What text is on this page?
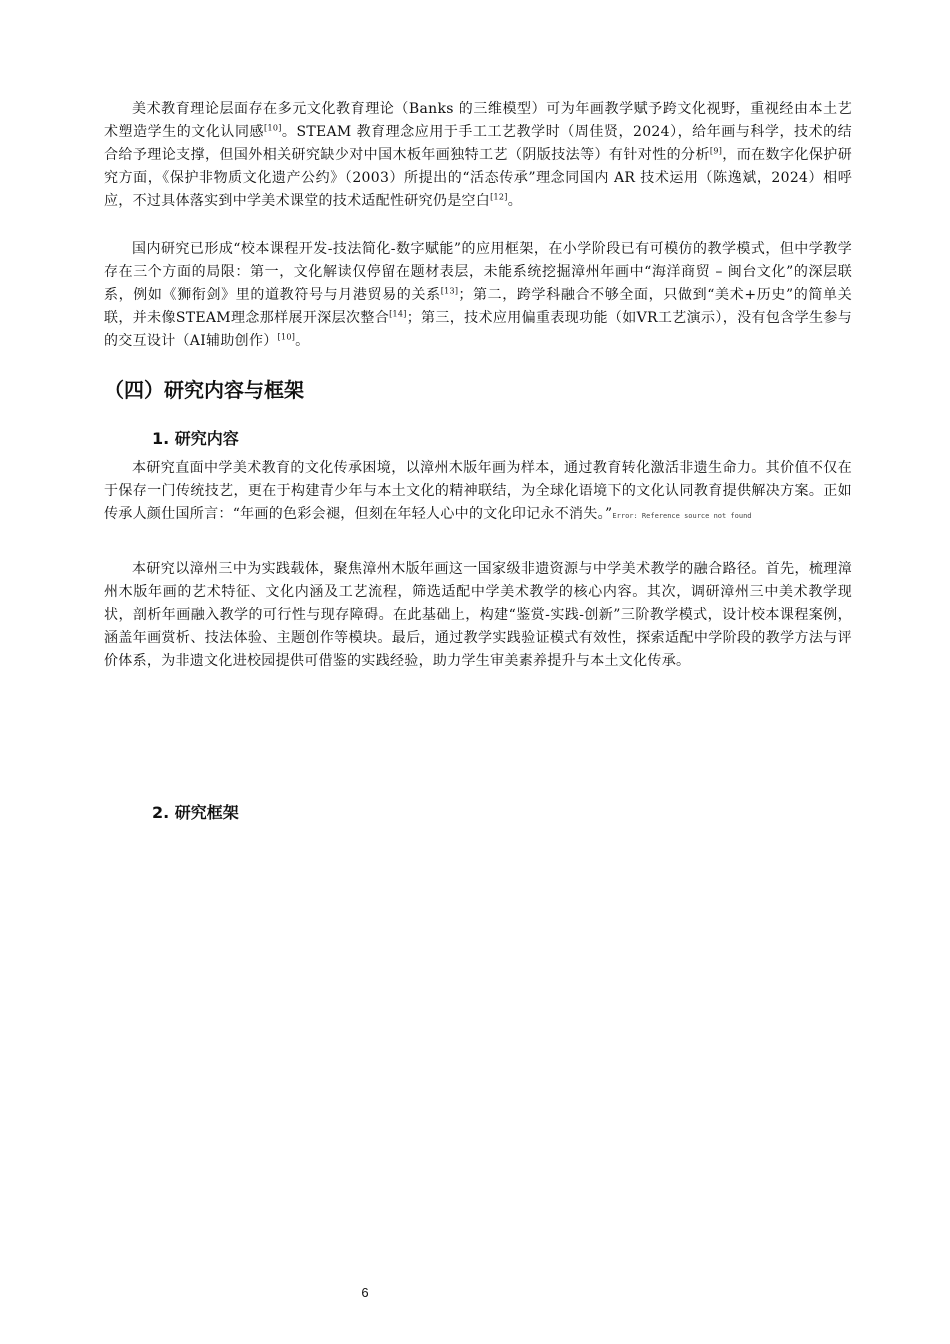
美术教育理论层面存在多元文化教育理论（Banks 的三维模型）可为年画教学赋予跨文化视野，重视经由本土艺术塑造学生的文化认同感[10]。STEAM 教育理念应用于手工工艺教学时（周佳贤，2024），给年画与科学，技术的结合给予理论支撑，但国外相关研究缺少对中国木板年画独特工艺（阴版技法等）有针对性的分析[9]，而在数字化保护研究方面，《保护非物质文化遗产公约》（2003）所提出的“活态传承”理念同国内 AR 技术运用（陈逸斌，2024）相呼应，不过具体落实到中学美术课堂的技术适配性研究仍是空白[12]。

国内研究已形成“校本课程开发-技法简化-数字赋能”的应用框架，在小学阶段已有可模仿的教学模式，但中学教学存在三个方面的局限：第一，文化解读仅停留在题材表层，未能系统挖掘漳州年画中“海洋商贸 – 闽台文化”的深层联系，例如《狮衔剑》里的道教符号与月港贸易的关系[13]；第二，跨学科融合不够全面，只做到“美术+历史”的简单关联，并未像STEAM理念那样展开深层次整合[14]；第三，技术应用偏重表现功能（如VR工艺演示），没有包含学生参与的交互设计（AI辅助创作）[10]。

（四）研究内容与框架
1. 研究内容

本研究直面中学美术教育的文化传承困境，以漳州木版年画为样本，通过教育转化激活非遗生命力。其价值不仅在于保存一门传统技艺，更在于构建青少年与本土文化的精神联结，为全球化语境下的文化认同教育提供解决方案。正如传承人颜仕国所言：“年画的色彩会褪，但刻在年轻人心中的文化印记永不消失。”Error: Reference source not found

本研究以漳州三中为实践载体，聚焦漳州木版年画这一国家级非遗资源与中学美术教学的融合路径。首先，梳理漳州木版年画的艺术特征、文化内涵及工艺流程，筛选适配中学美术教学的核心内容。其次，调研漳州三中美术教学现状，剖析年画融入教学的可行性与现存障碍。在此基础上，构建“鉴赏-实践-创新”三阶教学模式，设计校本课程案例，涵盖年画赏析、技法体验、主题创作等模块。最后，通过教学实践验证模式有效性，探索适配中学阶段的教学方法与评价体系，为非遗文化进校园提供可借鉴的实践经验，助力学生审美素养提升与本土文化传承。

2. 研究框架
6
